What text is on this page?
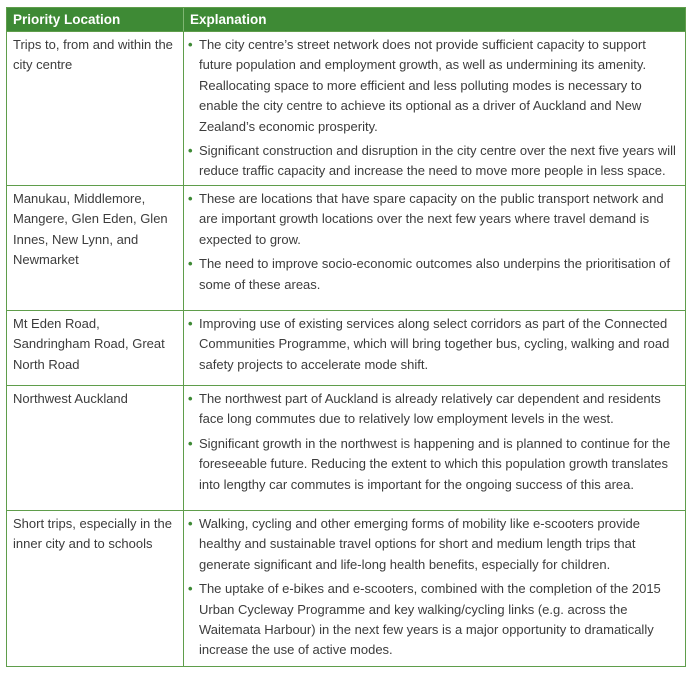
Priority Location	Explanation
Trips to, from and within the city centre
• The city centre’s street network does not provide sufficient capacity to support future population and employment growth, as well as undermining its amenity. Reallocating space to more efficient and less polluting modes is necessary to enable the city centre to achieve its optional as a driver of Auckland and New Zealand’s economic prosperity.
• Significant construction and disruption in the city centre over the next five years will reduce traffic capacity and increase the need to move more people in less space.
Manukau, Middlemore, Mangere, Glen Eden, Glen Innes, New Lynn, and Newmarket
• These are locations that have spare capacity on the public transport network and are important growth locations over the next few years where travel demand is expected to grow.
• The need to improve socio-economic outcomes also underpins the prioritisation of some of these areas.
Mt Eden Road, Sandringham Road, Great North Road
• Improving use of existing services along select corridors as part of the Connected Communities Programme, which will bring together bus, cycling, walking and road safety projects to accelerate mode shift.
Northwest Auckland	• The northwest part of Auckland is already relatively car dependent and residents face long commutes due to relatively low employment levels in the west.
• Significant growth in the northwest is happening and is planned to continue for the foreseeable future. Reducing the extent to which this population growth translates into lengthy car commutes is important for the ongoing success of this area.
Short trips, especially in the inner city and to schools
• Walking, cycling and other emerging forms of mobility like e-scooters provide healthy and sustainable travel options for short and medium length trips that generate significant and life-long health benefits, especially for children.
• The uptake of e-bikes and e-scooters, combined with the completion of the 2015 Urban Cycleway Programme and key walking/cycling links (e.g. across the Waitemata Harbour) in the next few years is a major opportunity to dramatically increase the use of active modes.
